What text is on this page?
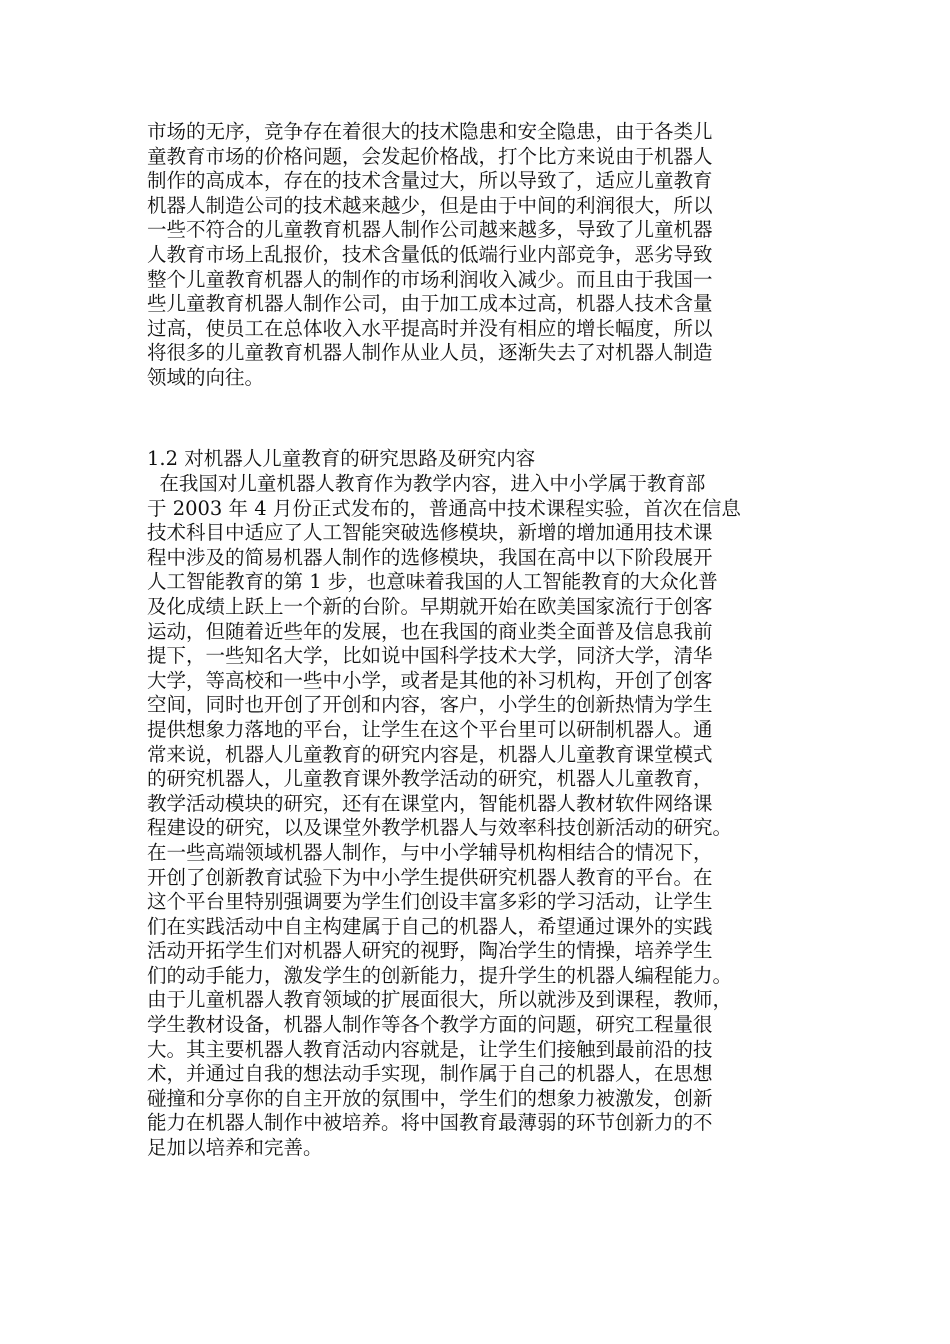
市场的无序，竞争存在着很大的技术隐患和安全隐患，由于各类儿
童教育市场的价格问题，会发起价格战，打个比方来说由于机器人
制作的高成本，存在的技术含量过大，所以导致了，适应儿童教育
机器人制造公司的技术越来越少，但是由于中间的利润很大，所以
一些不符合的儿童教育机器人制作公司越来越多，导致了儿童机器
人教育市场上乱报价，技术含量低的低端行业内部竞争，恶劣导致
整个儿童教育机器人的制作的市场利润收入减少。而且由于我国一
些儿童教育机器人制作公司，由于加工成本过高，机器人技术含量
过高，使员工在总体收入水平提高时并没有相应的增长幅度，所以
将很多的儿童教育机器人制作从业人员，逐渐失去了对机器人制造
领域的向往。
1.2 对机器人儿童教育的研究思路及研究内容
在我国对儿童机器人教育作为教学内容，进入中小学属于教育部
于 2003 年 4 月份正式发布的，普通高中技术课程实验，首次在信息
技术科目中适应了人工智能突破选修模块，新增的增加通用技术课
程中涉及的简易机器人制作的选修模块，我国在高中以下阶段展开
人工智能教育的第 1 步，也意味着我国的人工智能教育的大众化普
及化成绩上跃上一个新的台阶。早期就开始在欧美国家流行于创客
运动，但随着近些年的发展，也在我国的商业类全面普及信息我前
提下，一些知名大学，比如说中国科学技术大学，同济大学，清华
大学，等高校和一些中小学，或者是其他的补习机构，开创了创客
空间，同时也开创了开创和内容，客户，小学生的创新热情为学生
提供想象力落地的平台，让学生在这个平台里可以研制机器人。通
常来说，机器人儿童教育的研究内容是，机器人儿童教育课堂模式
的研究机器人，儿童教育课外教学活动的研究，机器人儿童教育，
教学活动模块的研究，还有在课堂内，智能机器人教材软件网络课
程建设的研究，以及课堂外教学机器人与效率科技创新活动的研究。
在一些高端领域机器人制作，与中小学辅导机构相结合的情况下，
开创了创新教育试验下为中小学生提供研究机器人教育的平台。在
这个平台里特别强调要为学生们创设丰富多彩的学习活动，让学生
们在实践活动中自主构建属于自己的机器人，希望通过课外的实践
活动开拓学生们对机器人研究的视野，陶冶学生的情操，培养学生
们的动手能力，激发学生的创新能力，提升学生的机器人编程能力。
由于儿童机器人教育领域的扩展面很大，所以就涉及到课程，教师，
学生教材设备，机器人制作等各个教学方面的问题，研究工程量很
大。其主要机器人教育活动内容就是，让学生们接触到最前沿的技
术，并通过自我的想法动手实现，制作属于自己的机器人，在思想
碰撞和分享你的自主开放的氛围中，学生们的想象力被激发，创新
能力在机器人制作中被培养。将中国教育最薄弱的环节创新力的不
足加以培养和完善。
